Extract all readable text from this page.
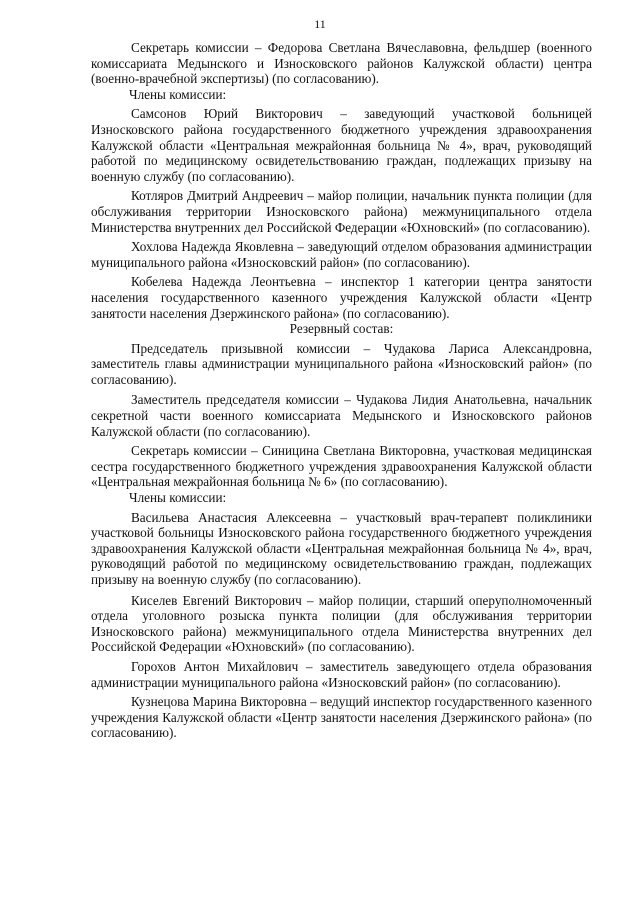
11

Секретарь комиссии – Федорова Светлана Вячеславовна, фельдшер (военного комиссариата Медынского и Износковского районов Калужской области) центра (военно-врачебной экспертизы) (по согласованию).

Члены комиссии:

Самсонов Юрий Викторович – заведующий участковой больницей Износковского района государственного бюджетного учреждения здравоохранения Калужской области «Центральная межрайонная больница № 4», врач, руководящий работой по медицинскому освидетельствованию граждан, подлежащих призыву на военную службу (по согласованию).

Котляров Дмитрий Андреевич – майор полиции, начальник пункта полиции (для обслуживания территории Износковского района) межмуниципального отдела Министерства внутренних дел Российской Федерации «Юхновский» (по согласованию).

Хохлова Надежда Яковлевна – заведующий отделом образования администрации муниципального района «Износковский район» (по согласованию).

Кобелева Надежда Леонтьевна – инспектор 1 категории центра занятости населения государственного казенного учреждения Калужской области «Центр занятости населения Дзержинского района» (по согласованию).

Резервный состав:

Председатель призывной комиссии – Чудакова Лариса Александровна, заместитель главы администрации муниципального района «Износковский район» (по согласованию).

Заместитель председателя комиссии – Чудакова Лидия Анатольевна, начальник секретной части военного комиссариата Медынского и Износковского районов Калужской области (по согласованию).

Секретарь комиссии – Синицина Светлана Викторовна, участковая медицинская сестра государственного бюджетного учреждения здравоохранения Калужской области «Центральная межрайонная больница № 6» (по согласованию).

Члены комиссии:

Васильева Анастасия Алексеевна – участковый врач-терапевт поликлиники участковой больницы Износковского района государственного бюджетного учреждения здравоохранения Калужской области «Центральная межрайонная больница № 4», врач, руководящий работой по медицинскому освидетельствованию граждан, подлежащих призыву на военную службу (по согласованию).

Киселев Евгений Викторович – майор полиции, старший оперуполномоченный отдела уголовного розыска пункта полиции (для обслуживания территории Износковского района) межмуниципального отдела Министерства внутренних дел Российской Федерации «Юхновский» (по согласованию).

Горохов Антон Михайлович – заместитель заведующего отдела образования администрации муниципального района «Износковский район» (по согласованию).

Кузнецова Марина Викторовна – ведущий инспектор государственного казенного учреждения Калужской области «Центр занятости населения Дзержинского района» (по согласованию).
